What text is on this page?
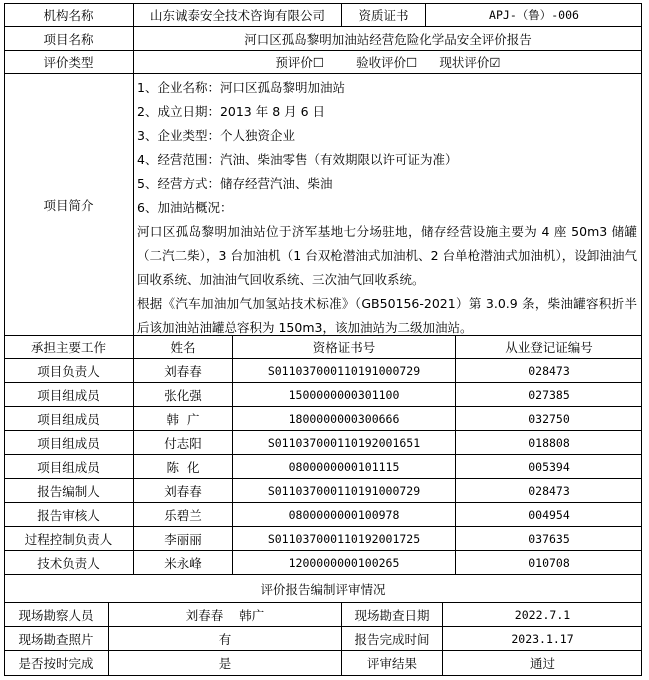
机构名称	山东诚泰安全技术咨询有限公司	资质证书	APJ-（鲁）-006
项目名称	河口区孤岛黎明加油站经营危险化学品安全评价报告
评价类型	预评价☐	验收评价☐ 现状评价☑
项目简介
1、企业名称：河口区孤岛黎明加油站
2、成立日期：2013 年 8 月 6 日
3、企业类型：个人独资企业
4、经营范围：汽油、柴油零售（有效期限以许可证为准）
5、经营方式：储存经营汽油、柴油
6、加油站概况：
河口区孤岛黎明加油站位于济军基地七分场驻地，储存经营设施主要为 4 座 50m3 储罐（二汽二柴），3 台加油机（1 台双枪潜油式加油机、2 台单枪潜油式加油机），设卸油油气回收系统、加油油气回收系统、三次油气回收系统。
根据《汽车加油加气加氢站技术标准》（GB50156-2021）第 3.0.9 条，柴油罐容积折半后该加油站油罐总容积为 150m3，该加油站为二级加油站。
承担主要工作	姓名	资格证书号	从业登记证编号
项目负责人	刘春春	S011037000110191000729	028473
项目组成员	张化强	1500000000301100	027385
项目组成员	韩  广	1800000000300666	032750
项目组成员	付志阳	S011037000110192001651	018808
项目组成员	陈  化	0800000000101115	005394
报告编制人	刘春春	S011037000110191000729	028473
报告审核人	乐碧兰	0800000000100978	004954
过程控制负责人	李丽丽	S011037000110192001725	037635
技术负责人	米永峰	1200000000100265	010708
评价报告编制评审情况
现场勘察人员	刘春春    韩广	现场勘查日期	2022.7.1
现场勘查照片	有	报告完成时间	2023.1.17
是否按时完成	是	评审结果	通过
